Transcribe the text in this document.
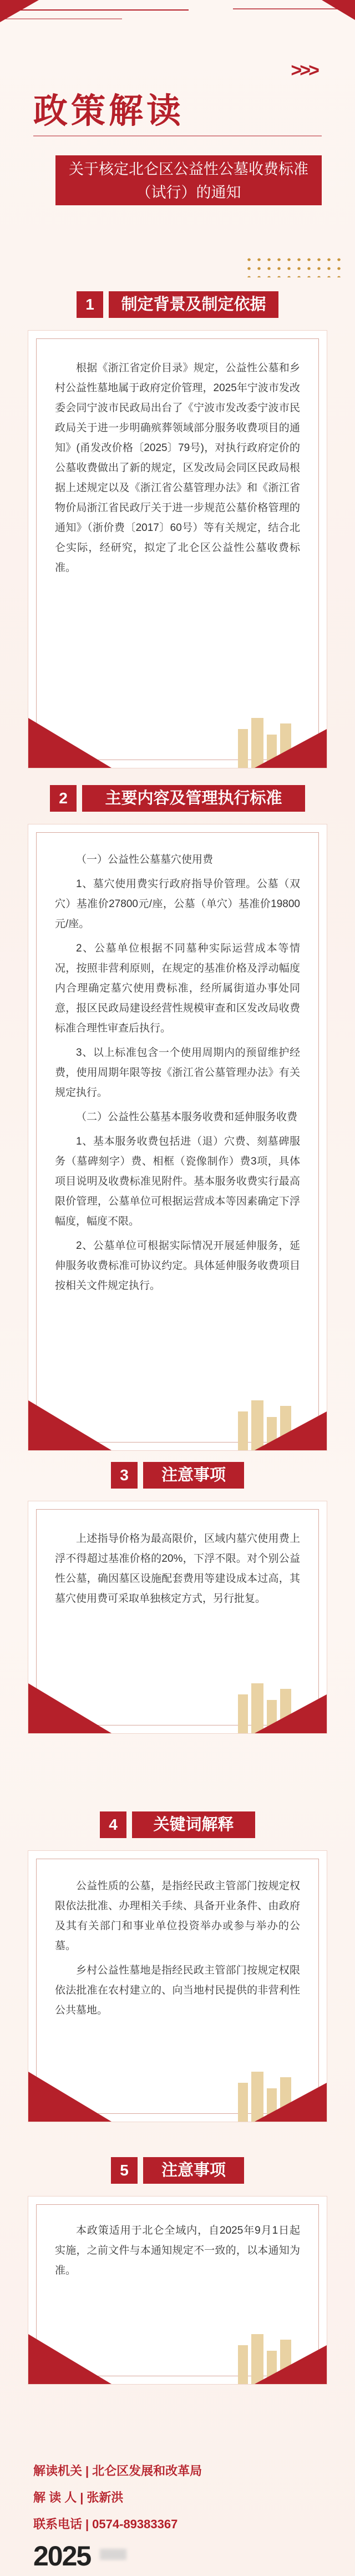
>>>
政策解读
关于核定北仑区公益性公墓收费标准
（试行）的通知
1	制定背景及制定依据

根据《浙江省定价目录》规定，公益性公墓和乡村公益性墓地属于政府定价管理，2025年宁波市发改委会同宁波市民政局出台了《宁波市发改委宁波市民政局关于进一步明确殡葬领域部分服务收费项目的通知》(甬发改价格〔2025〕79号)，对执行政府定价的公墓收费做出了新的规定，区发改局会同区民政局根据上述规定以及《浙江省公墓管理办法》和《浙江省物价局浙江省民政厅关于进一步规范公墓价格管理的通知》（浙价费〔2017〕60号）等有关规定，结合北仑实际，经研究，拟定了北仑区公益性公墓收费标准。

2	主要内容及管理执行标准

（一）公益性公墓墓穴使用费

1、墓穴使用费实行政府指导价管理。公墓（双穴）基准价27800元/座，公墓（单穴）基准价19800元/座。

2、公墓单位根据不同墓种实际运营成本等情况，按照非营利原则，在规定的基准价格及浮动幅度内合理确定墓穴使用费标准，经所属街道办事处同意，报区民政局建设经营性规模审查和区发改局收费标准合理性审查后执行。

3、以上标准包含一个使用周期内的预留维护经费，使用周期年限等按《浙江省公墓管理办法》有关规定执行。

（二）公益性公墓基本服务收费和延伸服务收费

1、基本服务收费包括进（退）穴费、刻墓碑服务（墓碑刻字）费、相框（瓷像制作）费3项，具体项目说明及收费标准见附件。基本服务收费实行最高限价管理，公墓单位可根据运营成本等因素确定下浮幅度，幅度不限。

2、公墓单位可根据实际情况开展延伸服务，延伸服务收费标准可协议约定。具体延伸服务收费项目按相关文件规定执行。

3	注意事项

上述指导价格为最高限价，区域内墓穴使用费上浮不得超过基准价格的20%，下浮不限。对个别公益性公墓，确因墓区设施配套费用等建设成本过高，其墓穴使用费可采取单独核定方式，另行批复。

4	关键词解释

公益性质的公墓，是指经民政主管部门按规定权限依法批准、办理相关手续、具备开业条件、由政府及其有关部门和事业单位投资举办或参与举办的公墓。

乡村公益性墓地是指经民政主管部门按规定权限依法批准在农村建立的、向当地村民提供的非营利性公共墓地。

5	注意事项

本政策适用于北仑全域内，自2025年9月1日起实施，之前文件与本通知规定不一致的，以本通知为准。

解读机关 | 北仑区发展和改革局
解 读 人 | 张新洪
联系电话 | 0574-89383367
2025
